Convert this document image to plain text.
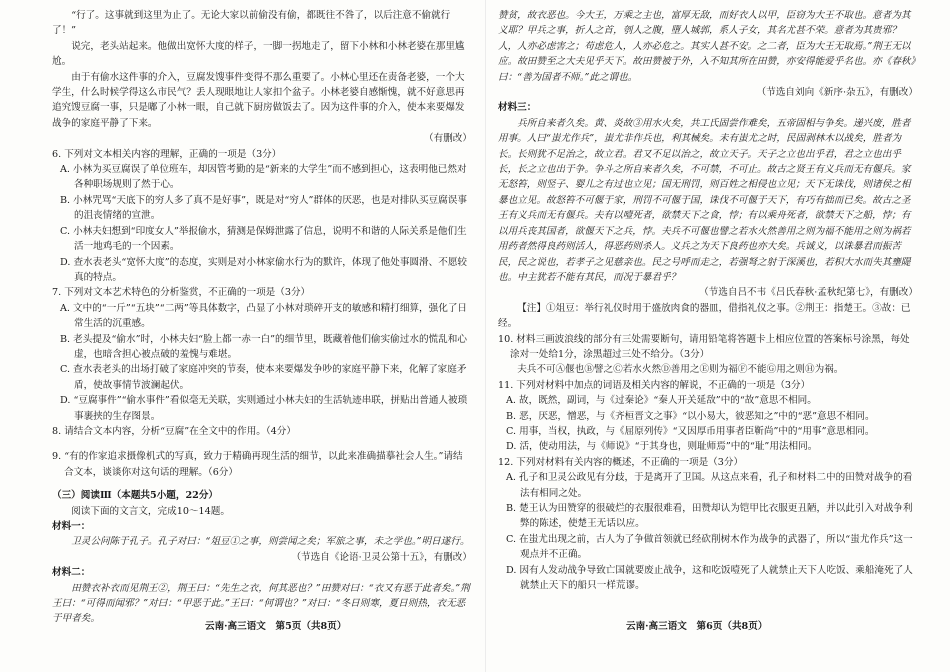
“行了。这事就到这里为止了。无论大家以前偷没有偷，都既往不咎了，以后注意不偷就行了！”

说完，老头站起来。他做出宽怀大度的样子，一脚一拐地走了，留下小林和小林老婆在那里尴尬。

由于有偷水这件事的介入，豆腐发馊事件变得不那么重要了。小林心里还在责备老婆，一个大学生，什么时候学得这么市民气？丢人现眼地让人家扣个盆子。小林老婆自感惭愧，就不好意思再追究馊豆腐一事，只是嘟了小林一眼，自己就下厨房做饭去了。因为这件事的介入，使本来要爆发战争的家庭平静了下来。

（有删改）

6. 下列对文本相关内容的理解，正确的一项是（3分）

A. 小林为买豆腐误了单位班车，却因管考勤的是“新来的大学生”而不感到担心，这表明他已然对各种职场规则了然于心。

B. 小林咒骂“天底下的穷人多了真不是好事”，既是对“穷人”群体的厌恶，也是对排队买豆腐误事的沮丧情绪的宣泄。

C. 小林夫妇想到“印度女人”举报偷水，猜测是保姆泄露了信息，说明不和谐的人际关系是他们生活一地鸡毛的一个因素。

D. 查水表老头“宽怀大度”的态度，实则是对小林家偷水行为的默许，体现了他处事圆滑、不愿较真的特点。

7. 下列对文本艺术特色的分析鉴赏，不正确的一项是（3分）

A. 文中的“一斤”“五块”“二两”等具体数字，凸显了小林对琐碎开支的敏感和精打细算，强化了日常生活的沉重感。

B. 老头提及“偷水”时，小林夫妇“脸上都一赤一白”的细节里，既藏着他们偷实偷过水的慌乱和心虚，也暗含担心被点破的羞愧与难堪。

C. 查水表老头的出场打破了家庭冲突的节奏，使本来要爆发争吵的家庭平静下来，化解了家庭矛盾，使故事情节波澜起伏。

D. “豆腐事件”“偷水事件”看似毫无关联，实则通过小林夫妇的生活轨迹串联，拼贴出普通人被琐事裹挟的生存图景。

8. 请结合文本内容，分析“豆腐”在全文中的作用。（4分）

9. “有的作家追求摄像机式的写真，致力于精确再现生活的细节，以此来准确描摹社会人生。”请结合文本，谈谈你对这句话的理解。（6分）

（三）阅读Ⅲ（本题共5小题，22分）

阅读下面的文言文，完成10～14题。

材料一：

卫灵公问陈于孔子。孔子对曰：“俎豆①之事，则尝闻之矣；军旅之事，未之学也。”明日遂行。

（节选自《论语·卫灵公第十五》，有删改）

材料二：

田赞衣补衣而见荆王②，荆王曰：“先生之衣，何其恶也？”田赞对曰：“衣又有恶于此者矣。”荆王曰：“可得而闻邪？”对曰：“甲恶于此。”王曰：“何谓也？”对曰：“冬日则寒，夏日则热，衣无恶于甲者矣。

赞贫，故衣恶也。今大王，万乘之主也，富厚无敌，而好衣人以甲，臣窃为大王不取也。意者为其义耶？甲兵之事，折人之首，刳人之腹，墮人城郭，系人子女，其名尤甚不荣。意者为其贵邪？人，人亦必虑害之；苟虑危人，人亦必危之。其实人甚不安。之二者，臣为大王无取焉。”荆王无以应。故田赞至之大夫见乎天下。故田赞被于外，入不知其所在田赞，亦安得能爱乎名也。亦《春秋》曰：“善为国者不师。”此之谓也。

（节选自刘向《新序·杂五》，有删改）

材料三：

兵所自来者久矣。黄、炎故③用水火矣，共工氏固尝作难矣，五帝固相与争矣。递兴废，胜者用事。人曰“蚩尤作兵”，蚩尤非作兵也，利其械矣。未有蚩尤之时，民固剥林木以战矣，胜者为长。长则犹不足治之，故立君。君又不足以治之，故立天子。天子之立也出乎君，君之立也出乎长，长之立也出于争。争斗之所自来者久矣，不可禁，不可止。故古之贤王有义兵而无有偃兵。家无怒笞，则竖子、婴儿之有过也立见；国无刑罚，则百姓之相侵也立见；天下无诛伐，则诸侯之相暴也立见。故怒笞不可偃于家，刑罚不可偃于国，诛伐不可偃于天下，有巧有拙而已矣。故古之圣王有义兵而无有偃兵。夫有以噎死者，欲禁天下之食，悖；有以乘舟死者，欲禁天下之船，悖；有以用兵丧其国者，欲偃天下之兵，悖。夫兵不可偃也譬之若水火然善用之则为福不能用之则为祸若用药者然得良药则活人，得恶药则杀人。义兵之为天下良药也亦大矣。兵诚义，以诛暴君而振苦民，民之说也，若孝子之见慈亲也。民之号呼而走之，若强弩之射于深溪也，若积大水而失其壅隄也。中主犹若不能有其民，而况于暴君乎？

（节选自吕不韦《吕氏春秋·孟秋纪第七》，有删改）

【注】①俎豆：举行礼仪时用于盛放肉食的器皿，借指礼仪之事。②荆王：指楚王。③故：已经。

10. 材料三画波浪线的部分有三处需要断句，请用铅笔将答题卡上相应位置的答案标号涂黑，每处涂对一处给1分，涂黑超过三处不给分。（3分）

夫兵不可Ⓐ偃也Ⓑ譬之Ⓒ若水火然Ⓓ善用之Ⓔ则为福Ⓕ不能Ⓖ用之则Ⓗ为祸。

11. 下列对材料中加点的词语及相关内容的解说，不正确的一项是（3分）

A. 故，既然，副词，与《过秦论》“秦人开关延敌”中的“故”意思不相同。

B. 恶，厌恶，憎恶，与《齐桓晋文之事》“以小易大，彼恶知之”中的“恶”意思不相同。

C. 用事，当权，执政，与《屈原列传》“又因厚币用事者臣靳尚”中的“用事”意思相同。

D. 活，使动用法，与《师说》“于其身也，则耻师焉”中的“耻”用法相同。

12. 下列对材料有关内容的概述，不正确的一项是（3分）

A. 孔子和卫灵公政见有分歧，于是离开了卫国。从这点来看，孔子和材料二中的田赞对战争的看法有相同之处。

B. 楚王认为田赞穿的很破烂的衣服很难看，田赞却认为铠甲比衣服更丑陋，并以此引入对战争利弊的陈述，使楚王无话以应。

C. 在蚩尤出现之前，古人为了争做首领就已经砍削树木作为战争的武器了，所以“蚩尤作兵”这一观点并不正确。

D. 因有人发动战争导致亡国就要废止战争，这和吃饭噎死了人就禁止天下人吃饭、乘船淹死了人就禁止天下的船只一样荒谬。

云南·高三语文　第5页（共8页）	云南·高三语文　第6页（共8页）
